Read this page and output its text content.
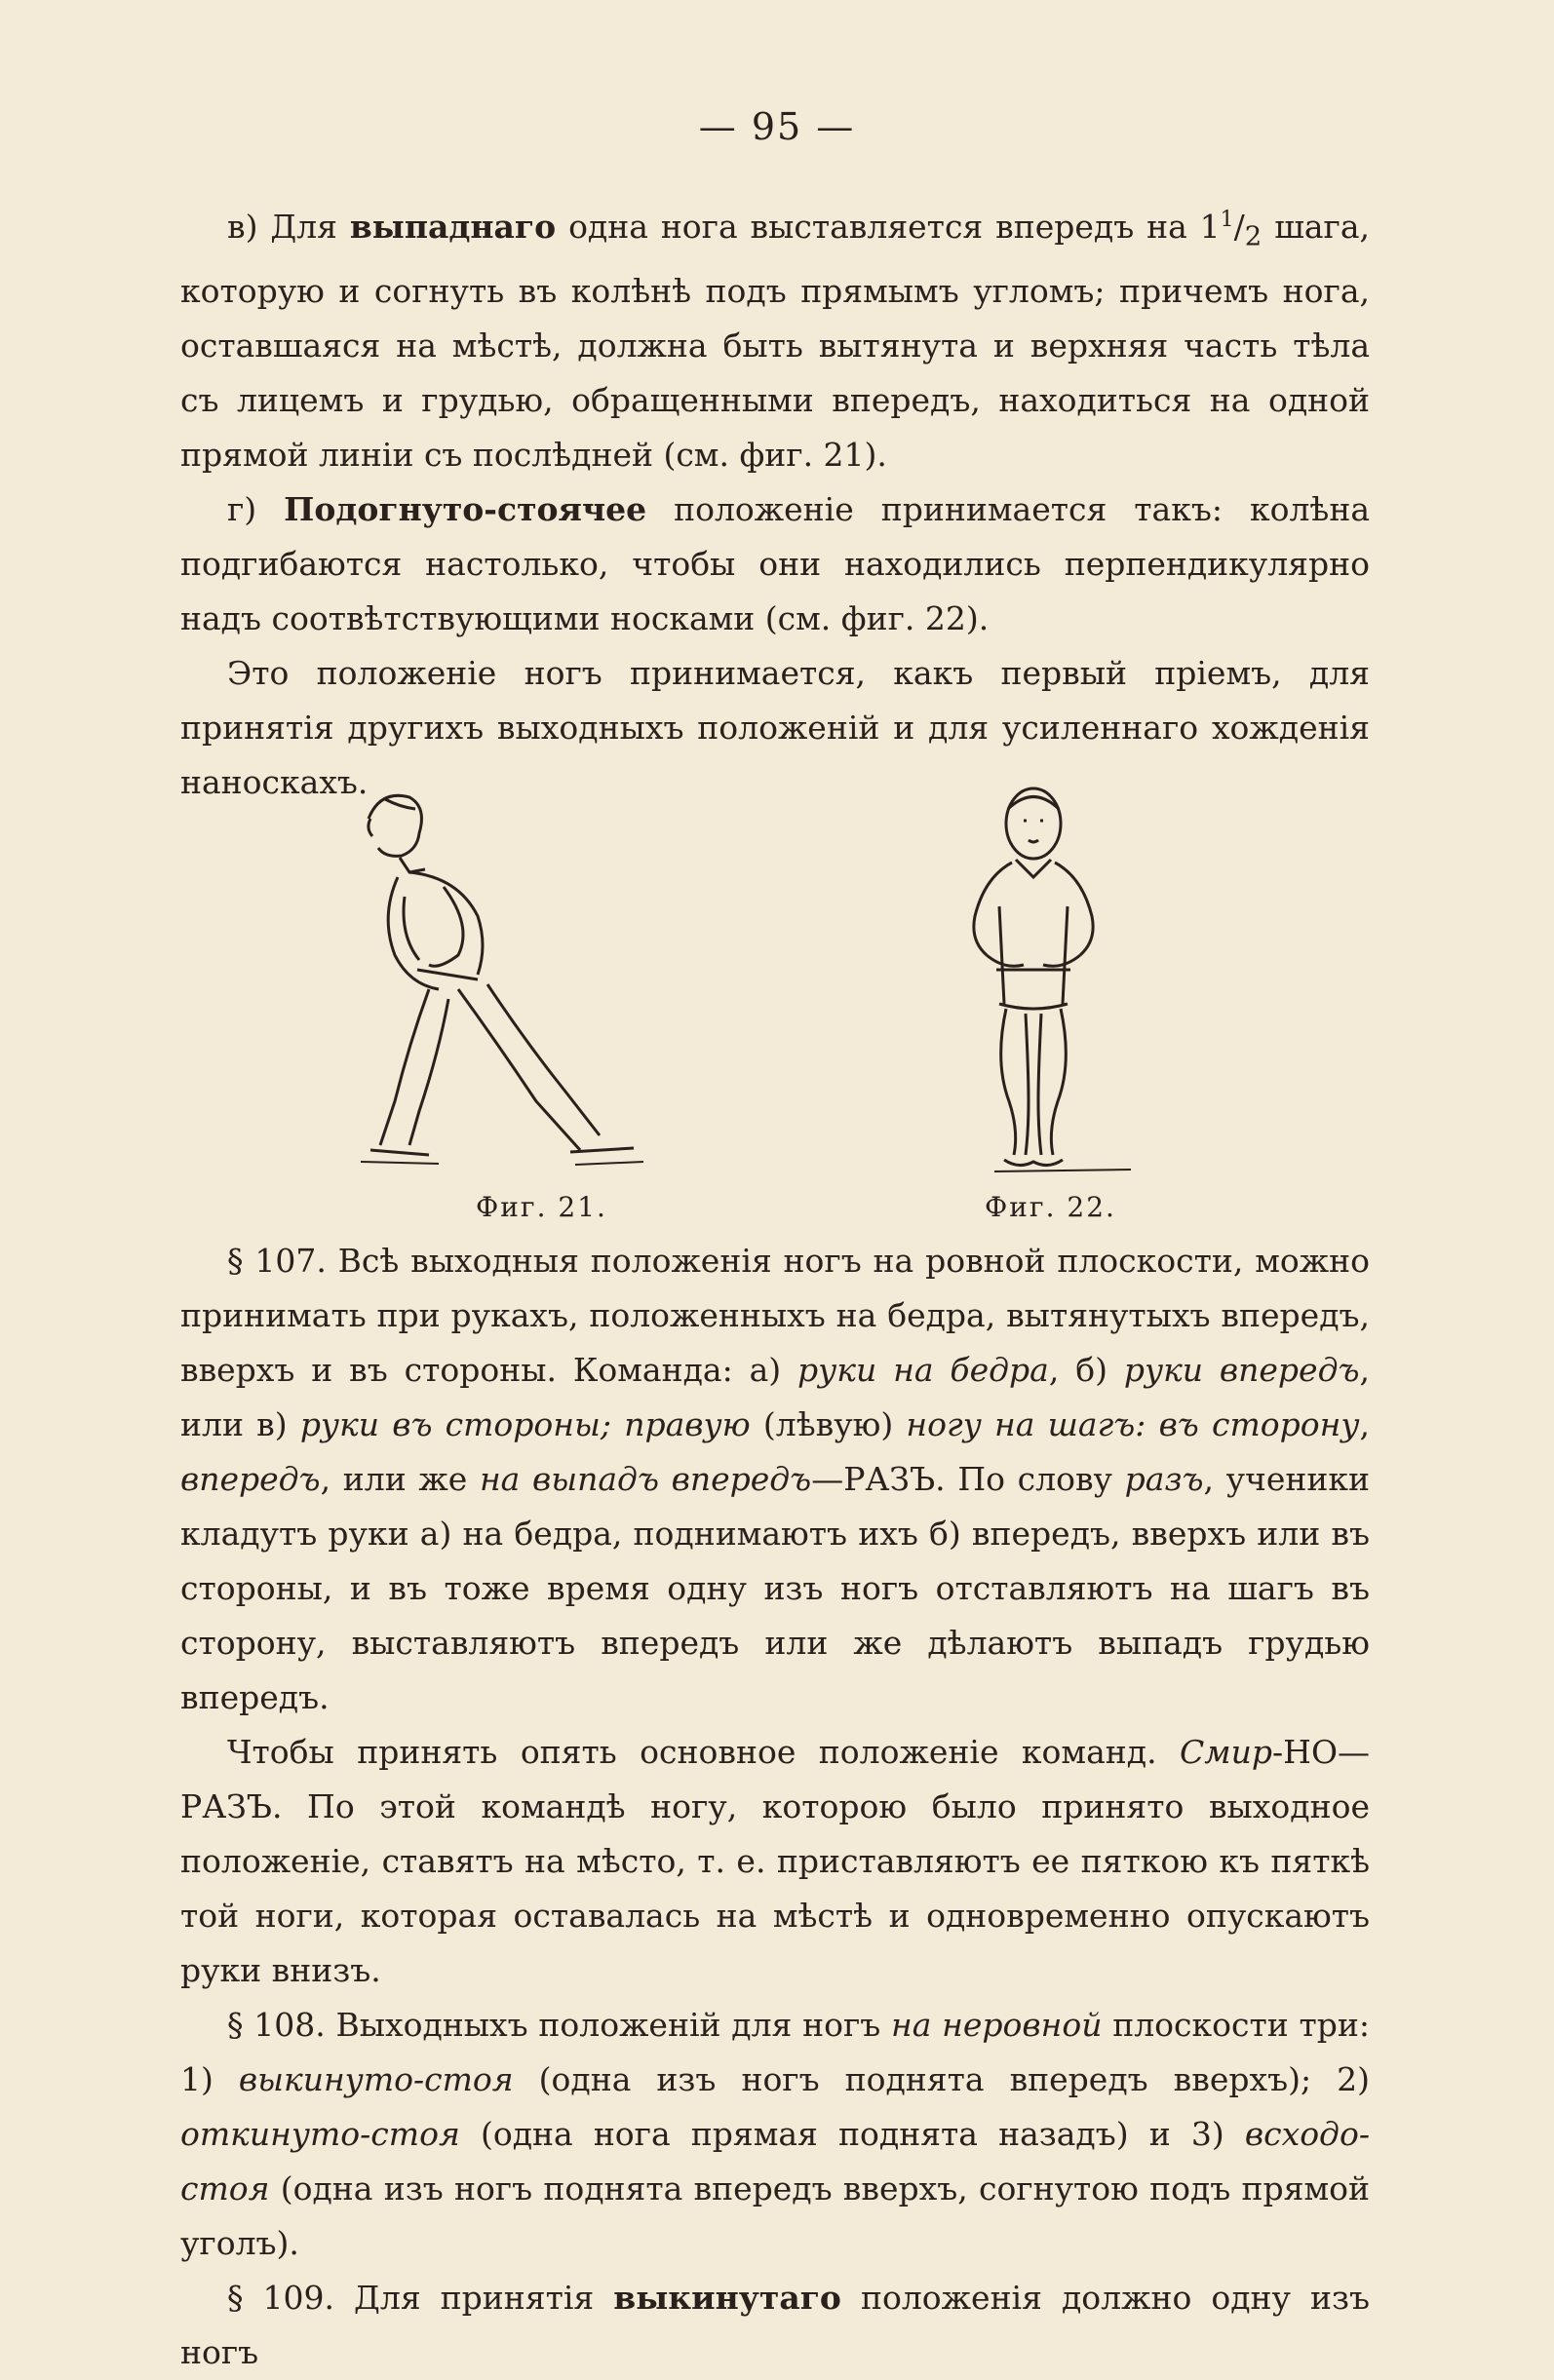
— 95 —

в) Для выпаднаго одна нога выставляется впередъ на $1^1/_2$ шага, которую и согнуть въ колѣнѣ подъ прямымъ угломъ; причемъ нога, оставшаяся на мѣстѣ, должна быть вытянута и верхняя часть тѣла съ лицемъ и грудью, обращенными впередъ, находиться на одной прямой линіи съ послѣдней (см. фиг. 21).

г) Подогнуто-стоячее положеніе принимается такъ: колѣна подгибаются настолько, чтобы они находились перпендикулярно надъ соотвѣтствующими носками (см. фиг. 22).

Это положеніе ногъ принимается, какъ первый пріемъ, для принятія другихъ выходныхъ положеній и для усиленнаго хожденія наноскахъ.

Фиг. 21.	Фиг. 22.

§ 107. Всѣ выходныя положенія ногъ на ровной плоскости, можно принимать при рукахъ, положенныхъ на бедра, вытянутыхъ впередъ, вверхъ и въ стороны. Команда: а) руки на бедра, б) руки впередъ, или в) руки въ стороны; правую (лѣвую) ногу на шагъ: въ сторону, впередъ, или же на выпадъ впередъ—РАЗЪ. По слову разъ, ученики кладутъ руки а) на бедра, поднимаютъ ихъ б) впередъ, вверхъ или въ стороны, и въ тоже время одну изъ ногъ отставляютъ на шагъ въ сторону, выставляютъ впередъ или же дѣлаютъ выпадъ грудью впередъ.

Чтобы принять опять основное положеніе команд. Смир-НО—РАЗЪ. По этой командѣ ногу, которою было принято выходное положеніе, ставятъ на мѣсто, т. е. приставляютъ ее пяткою къ пяткѣ той ноги, которая оставалась на мѣстѣ и одновременно опускаютъ руки внизъ.

§ 108. Выходныхъ положеній для ногъ на неровной плоскости три: 1) выкинуто-стоя (одна изъ ногъ поднята впередъ вверхъ); 2) откинуто-стоя (одна нога прямая поднята назадъ) и 3) всходо-стоя (одна изъ ногъ поднята впередъ вверхъ, согнутою подъ прямой уголъ).

§ 109. Для принятія выкинутаго положенія должно одну изъ ногъ
